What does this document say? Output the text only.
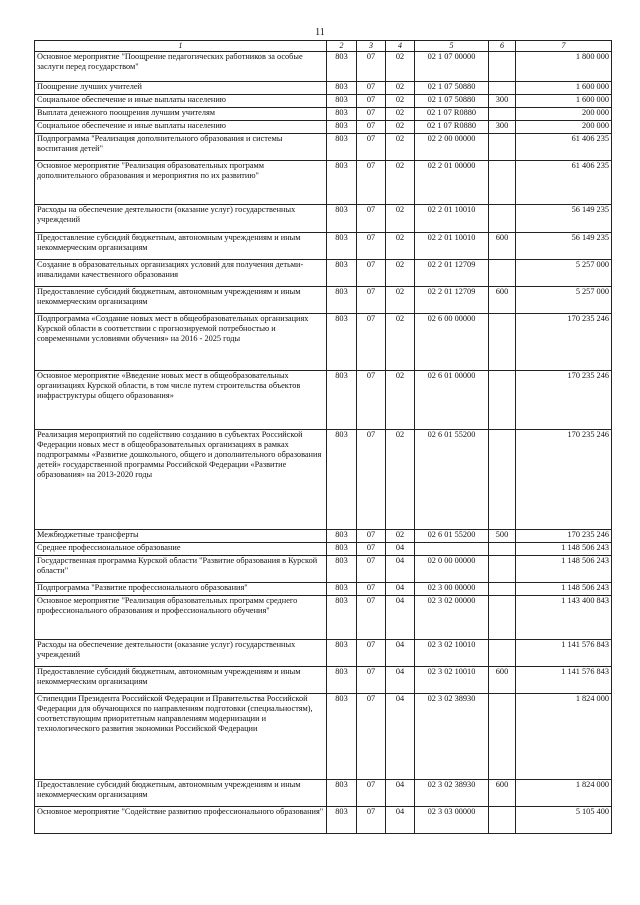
11
1	2	3	4	5	6	7
Основное мероприятие "Поощрение педагогических работников за особые заслуги перед государством"	803	07	02	02 1 07 00000		1 800 000
Поощрение лучших учителей	803	07	02	02 1 07 50880		1 600 000
Социальное обеспечение и иные выплаты населению	803	07	02	02 1 07 50880	300	1 600 000
Выплата денежного поощрения лучшим учителям	803	07	02	02 1 07 R0880		200 000
Социальное обеспечение и иные выплаты населению	803	07	02	02 1 07 R0880	300	200 000
Подпрограмма "Реализация дополнительного образования и системы воспитания детей"	803	07	02	02 2 00 00000		61 406 235
Основное мероприятие "Реализация образовательных программ дополнительного образования и мероприятия по их развитию"	803	07	02	02 2 01 00000		61 406 235
Расходы на обеспечение деятельности (оказание услуг) государственных учреждений	803	07	02	02 2 01 10010		56 149 235
Предоставление субсидий бюджетным, автономным учреждениям и иным некоммерческим организациям	803	07	02	02 2 01 10010	600	56 149 235
Создание в образовательных организациях условий для получения детьми-инвалидами качественного образования	803	07	02	02 2 01 12709		5 257 000
Предоставление субсидий бюджетным, автономным учреждениям и иным некоммерческим организациям	803	07	02	02 2 01 12709	600	5 257 000
Подпрограмма «Создание новых мест в общеобразовательных организациях Курской области в соответствии с прогнозируемой потребностью и современными условиями обучения» на 2016 - 2025 годы	803	07	02	02 6 00 00000		170 235 246
Основное мероприятие «Введение новых мест в общеобразовательных организациях Курской области, в том числе путем строительства объектов инфраструктуры общего образования»	803	07	02	02 6 01 00000		170 235 246
Реализация мероприятий по содействию созданию в субъектах Российской Федерации новых мест в общеобразовательных организациях в рамках подпрограммы «Развитие дошкольного, общего и дополнительного образования детей» государственной программы Российской Федерации «Развитие образования» на 2013-2020 годы	803	07	02	02 6 01 55200		170 235 246
Межбюджетные трансферты	803	07	02	02 6 01 55200	500	170 235 246
Среднее профессиональное образование	803	07	04			1 148 506 243
Государственная программа Курской области "Развитие образования в Курской области"	803	07	04	02 0 00 00000		1 148 506 243
Подпрограмма "Развитие профессионального образования"	803	07	04	02 3 00 00000		1 148 506 243
Основное мероприятие "Реализация образовательных программ среднего профессионального образования и профессионального обучения"	803	07	04	02 3 02 00000		1 143 400 843
Расходы на обеспечение деятельности (оказание услуг) государственных учреждений	803	07	04	02 3 02 10010		1 141 576 843
Предоставление субсидий бюджетным, автономным учреждениям и иным некоммерческим организациям	803	07	04	02 3 02 10010	600	1 141 576 843
Стипендии Президента Российской Федерации и Правительства Российской Федерации для обучающихся по направлениям подготовки (специальностям), соответствующим приоритетным направлениям модернизации и технологического развития экономики Российской Федерации	803	07	04	02 3 02 38930		1 824 000
Предоставление субсидий бюджетным, автономным учреждениям и иным некоммерческим организациям	803	07	04	02 3 02 38930	600	1 824 000
Основное мероприятие "Содействие развитию профессионального образования"	803	07	04	02 3 03 00000		5 105 400
